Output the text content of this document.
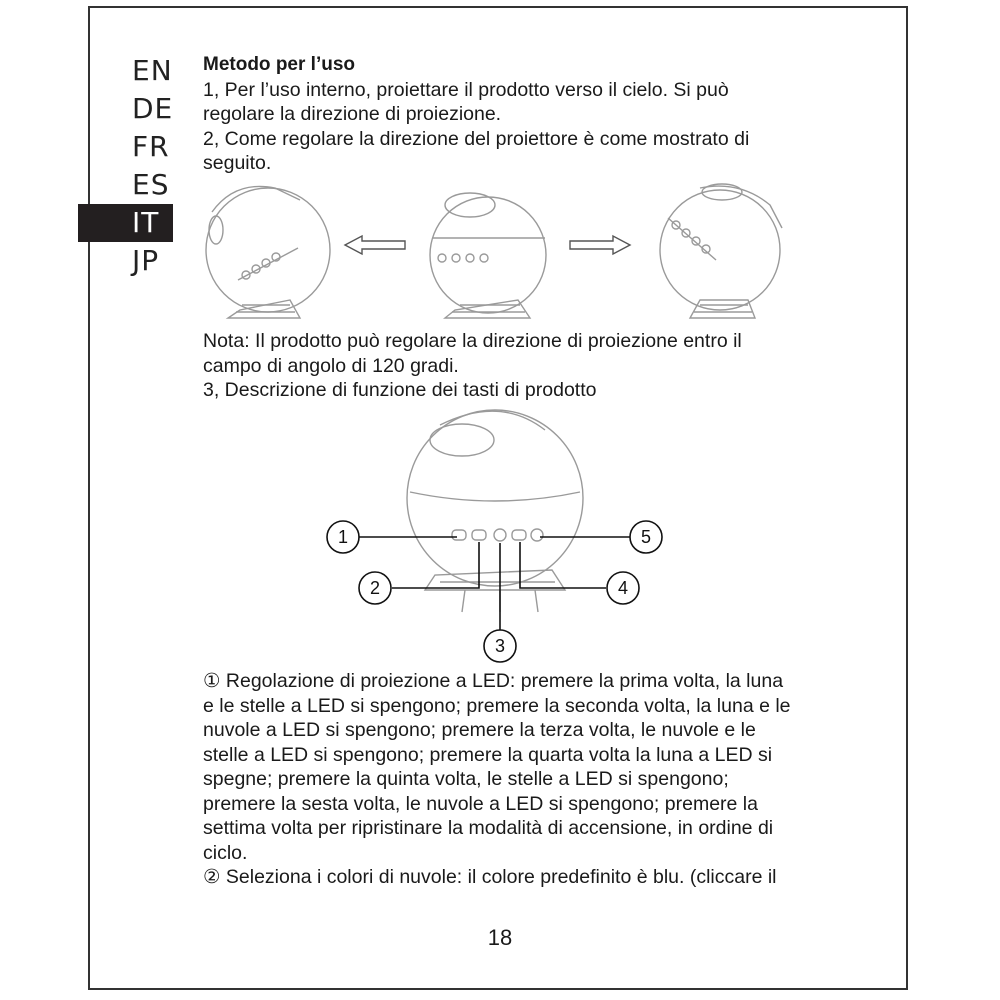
EN
DE
FR
ES
IT
JP
Metodo per l’uso
1, Per l’uso interno, proiettare il prodotto verso il cielo. Si può
regolare la direzione di proiezione.
2, Come regolare la direzione del proiettore è come mostrato di
seguito.
1
2
3
4
5
Nota: Il prodotto può regolare la direzione di proiezione entro il
campo di angolo di 120 gradi.
3, Descrizione di funzione dei tasti di prodotto
① Regolazione di proiezione a LED: premere la prima volta, la luna
e le stelle a LED si spengono; premere la seconda volta, la luna e le
nuvole a LED si spengono; premere la terza volta, le nuvole e le
stelle a LED si spengono; premere la quarta volta la luna a LED si
spegne; premere la quinta volta, le stelle a LED si spengono;
premere la sesta volta, le nuvole a LED si spengono; premere la
settima volta per ripristinare la modalità di accensione, in ordine di
ciclo.
② Seleziona i colori di nuvole: il colore predefinito è blu. (cliccare il
18
